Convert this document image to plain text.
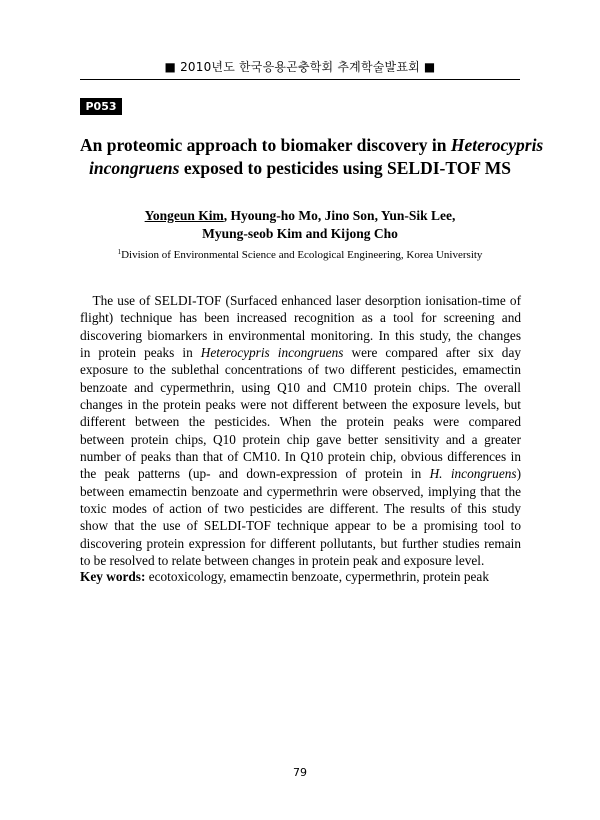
■ 2010년도 한국응용곤충학회 추계학술발표회 ■
P053
An proteomic approach to biomaker discovery in Heterocypris
incongruens exposed to pesticides using SELDI-TOF MS
Yongeun Kim, Hyoung-ho Mo, Jino Son, Yun-Sik Lee,
Myung-seob Kim and Kijong Cho
$^1$Division of Environmental Science and Ecological Engineering, Korea University
The use of SELDI-TOF (Surfaced enhanced laser desorption ionisation-time of
flight) technique has been increased recognition as a tool for screening and
discovering biomarkers in environmental monitoring. In this study, the changes
in protein peaks in Heterocypris incongruens were compared after six day
exposure to the sublethal concentrations of two different pesticides, emamectin
benzoate and cypermethrin, using Q10 and CM10 protein chips. The overall
changes in the protein peaks were not different between the exposure levels, but
different between the pesticides. When the protein peaks were compared
between protein chips, Q10 protein chip gave better sensitivity and a greater
number of peaks than that of CM10. In Q10 protein chip, obvious differences in
the peak patterns (up- and down-expression of protein in H. incongruens)
between emamectin benzoate and cypermethrin were observed, implying that the
toxic modes of action of two pesticides are different. The results of this study
show that the use of SELDI-TOF technique appear to be a promising tool to
discovering protein expression for different pollutants, but further studies remain
to be resolved to relate between changes in protein peak and exposure level.
Key words: ecotoxicology, emamectin benzoate, cypermethrin, protein peak
79
